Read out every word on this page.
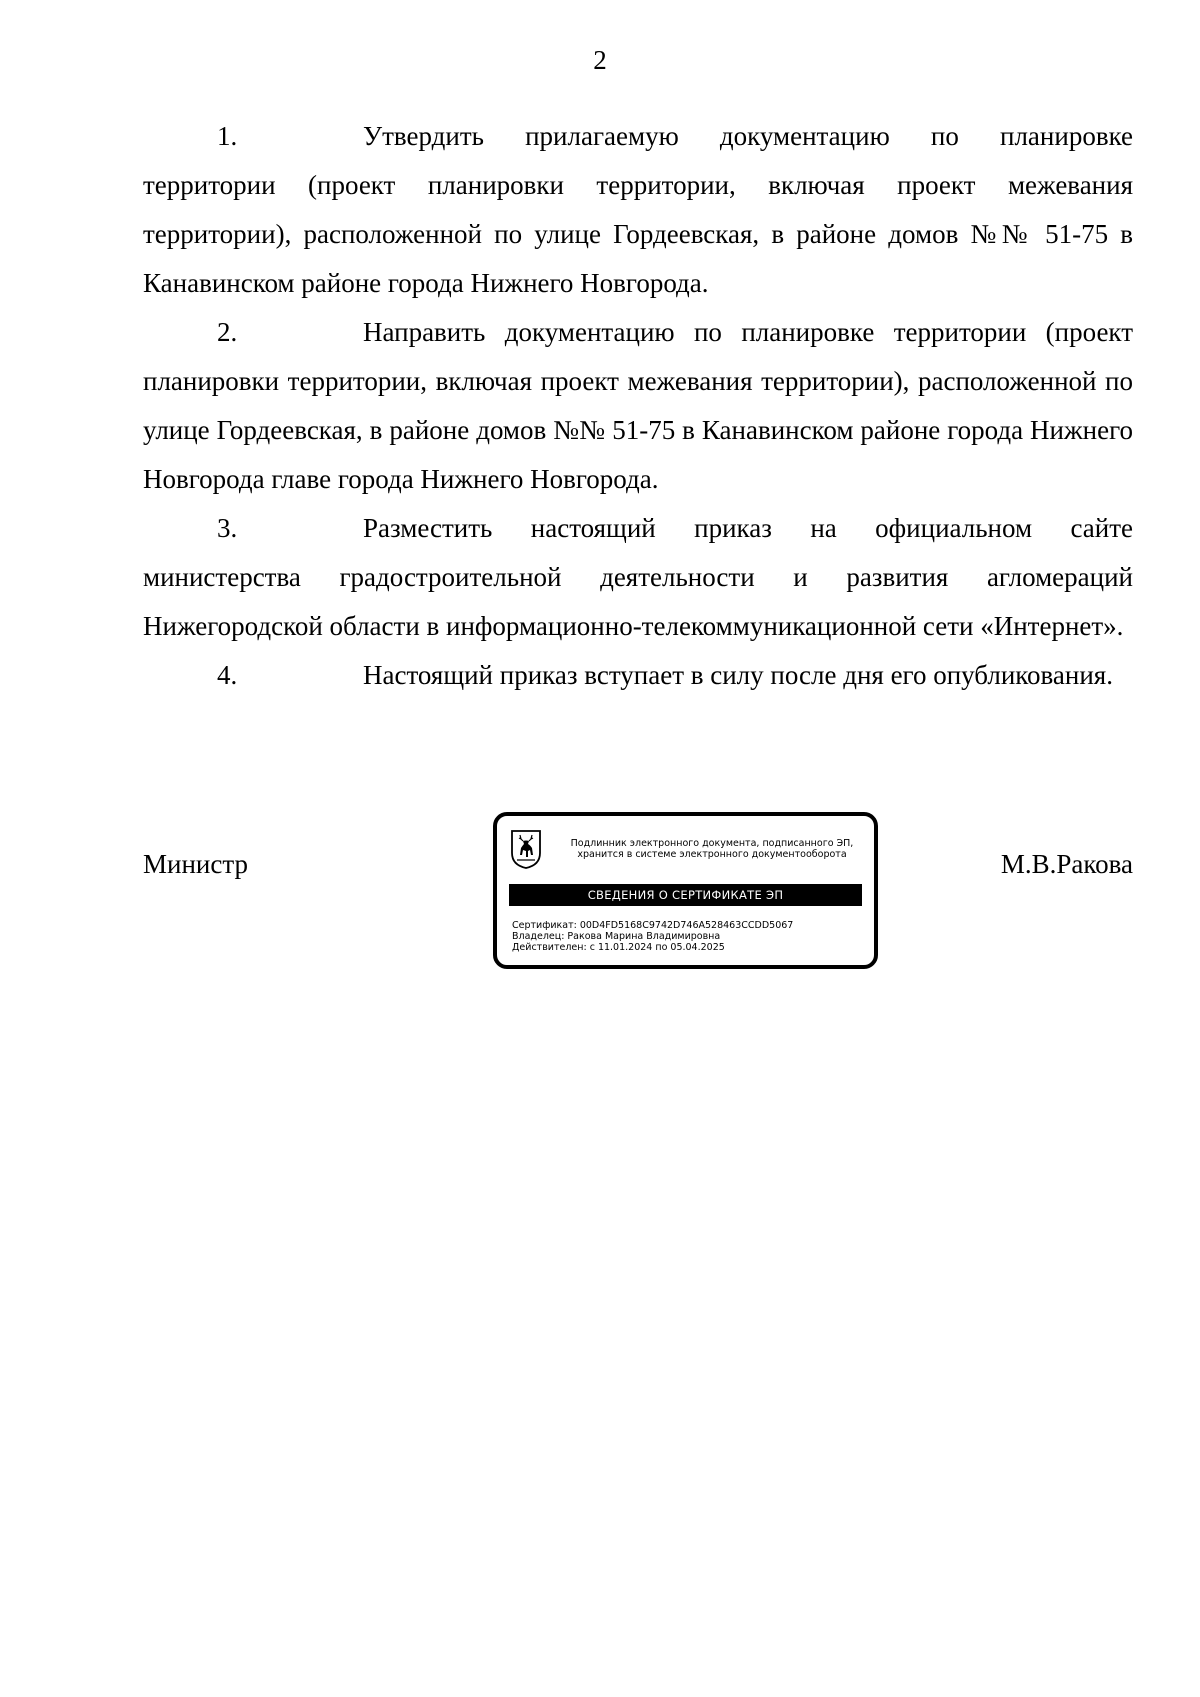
2

1.	Утвердить прилагаемую документацию по планировке территории (проект планировки территории, включая проект межевания территории), расположенной по улице Гордеевская, в районе домов №№ 51-75 в Канавинском районе города Нижнего Новгорода.

2.	Направить документацию по планировке территории (проект планировки территории, включая проект межевания территории), расположенной по улице Гордеевская, в районе домов №№ 51-75 в Канавинском районе города Нижнего Новгорода главе города Нижнего Новгорода.

3.	Разместить настоящий приказ на официальном сайте министерства градостроительной деятельности и развития агломераций Нижегородской области в информационно-телекоммуникационной сети «Интернет».

4.	Настоящий приказ вступает в силу после дня его опубликования.

Министр	М.В.Ракова
Подлинник электронного документа, подписанного ЭП,
хранится в системе электронного документооборота
СВЕДЕНИЯ О СЕРТИФИКАТЕ ЭП
Сертификат: 00D4FD5168C9742D746A528463CCDD5067
Владелец: Ракова Марина Владимировна
Действителен: с 11.01.2024 по 05.04.2025
